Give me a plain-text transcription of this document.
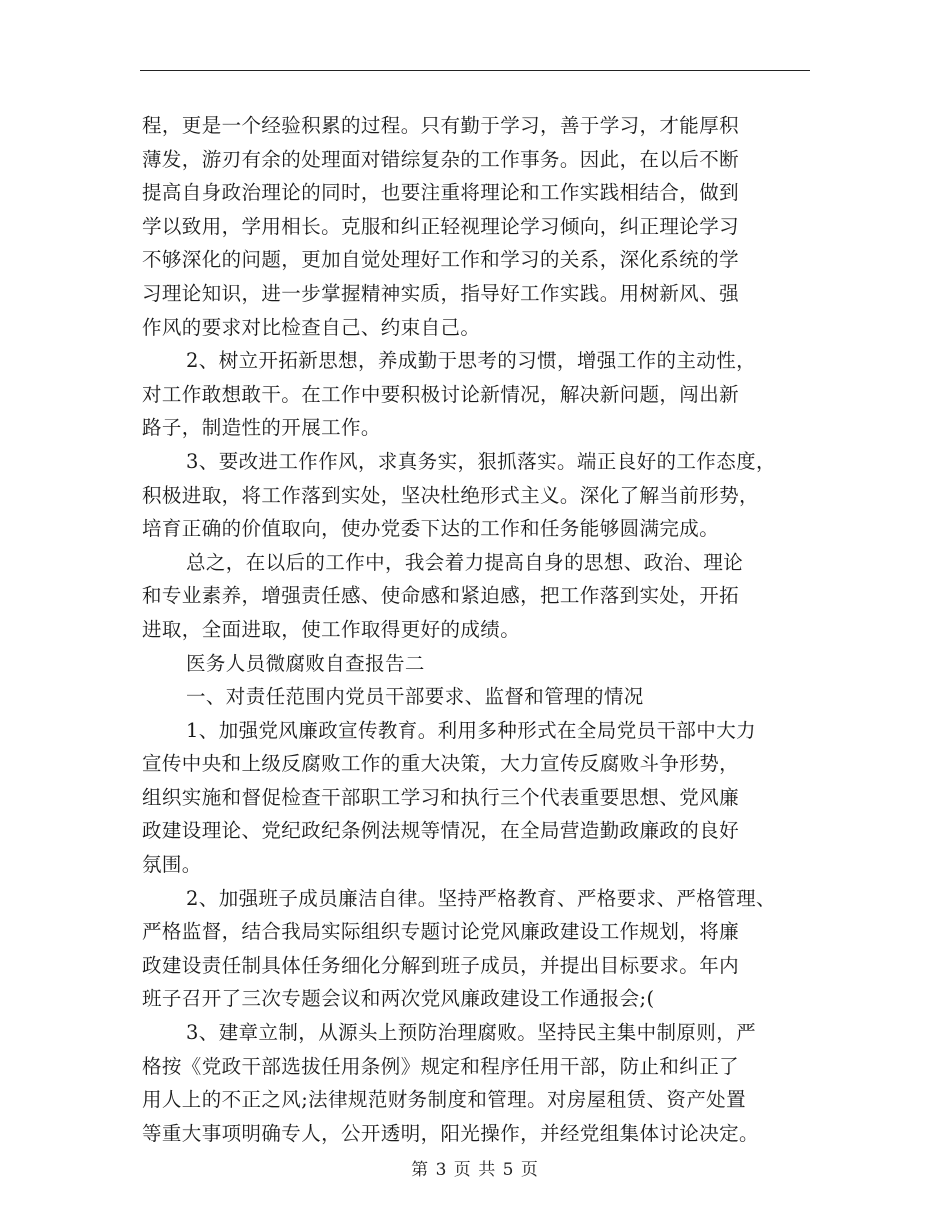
程，更是一个经验积累的过程。只有勤于学习，善于学习，才能厚积
薄发，游刃有余的处理面对错综复杂的工作事务。因此，在以后不断
提高自身政治理论的同时，也要注重将理论和工作实践相结合，做到
学以致用，学用相长。克服和纠正轻视理论学习倾向，纠正理论学习
不够深化的问题，更加自觉处理好工作和学习的关系，深化系统的学
习理论知识，进一步掌握精神实质，指导好工作实践。用树新风、强
作风的要求对比检查自己、约束自己。
2、树立开拓新思想，养成勤于思考的习惯，增强工作的主动性，
对工作敢想敢干。在工作中要积极讨论新情况，解决新问题，闯出新
路子，制造性的开展工作。
3、要改进工作作风，求真务实，狠抓落实。端正良好的工作态度，
积极进取，将工作落到实处，坚决杜绝形式主义。深化了解当前形势，
培育正确的价值取向，使办党委下达的工作和任务能够圆满完成。
总之，在以后的工作中，我会着力提高自身的思想、政治、理论
和专业素养，增强责任感、使命感和紧迫感，把工作落到实处，开拓
进取，全面进取，使工作取得更好的成绩。
医务人员微腐败自查报告二
一、对责任范围内党员干部要求、监督和管理的情况
1、加强党风廉政宣传教育。利用多种形式在全局党员干部中大力
宣传中央和上级反腐败工作的重大决策，大力宣传反腐败斗争形势，
组织实施和督促检查干部职工学习和执行三个代表重要思想、党风廉
政建设理论、党纪政纪条例法规等情况，在全局营造勤政廉政的良好
氛围。
2、加强班子成员廉洁自律。坚持严格教育、严格要求、严格管理、
严格监督，结合我局实际组织专题讨论党风廉政建设工作规划，将廉
政建设责任制具体任务细化分解到班子成员，并提出目标要求。年内
班子召开了三次专题会议和两次党风廉政建设工作通报会;(
3、建章立制，从源头上预防治理腐败。坚持民主集中制原则，严
格按《党政干部选拔任用条例》规定和程序任用干部，防止和纠正了
用人上的不正之风;法律规范财务制度和管理。对房屋租赁、资产处置
等重大事项明确专人，公开透明，阳光操作，并经党组集体讨论决定。
第 3 页 共 5 页
